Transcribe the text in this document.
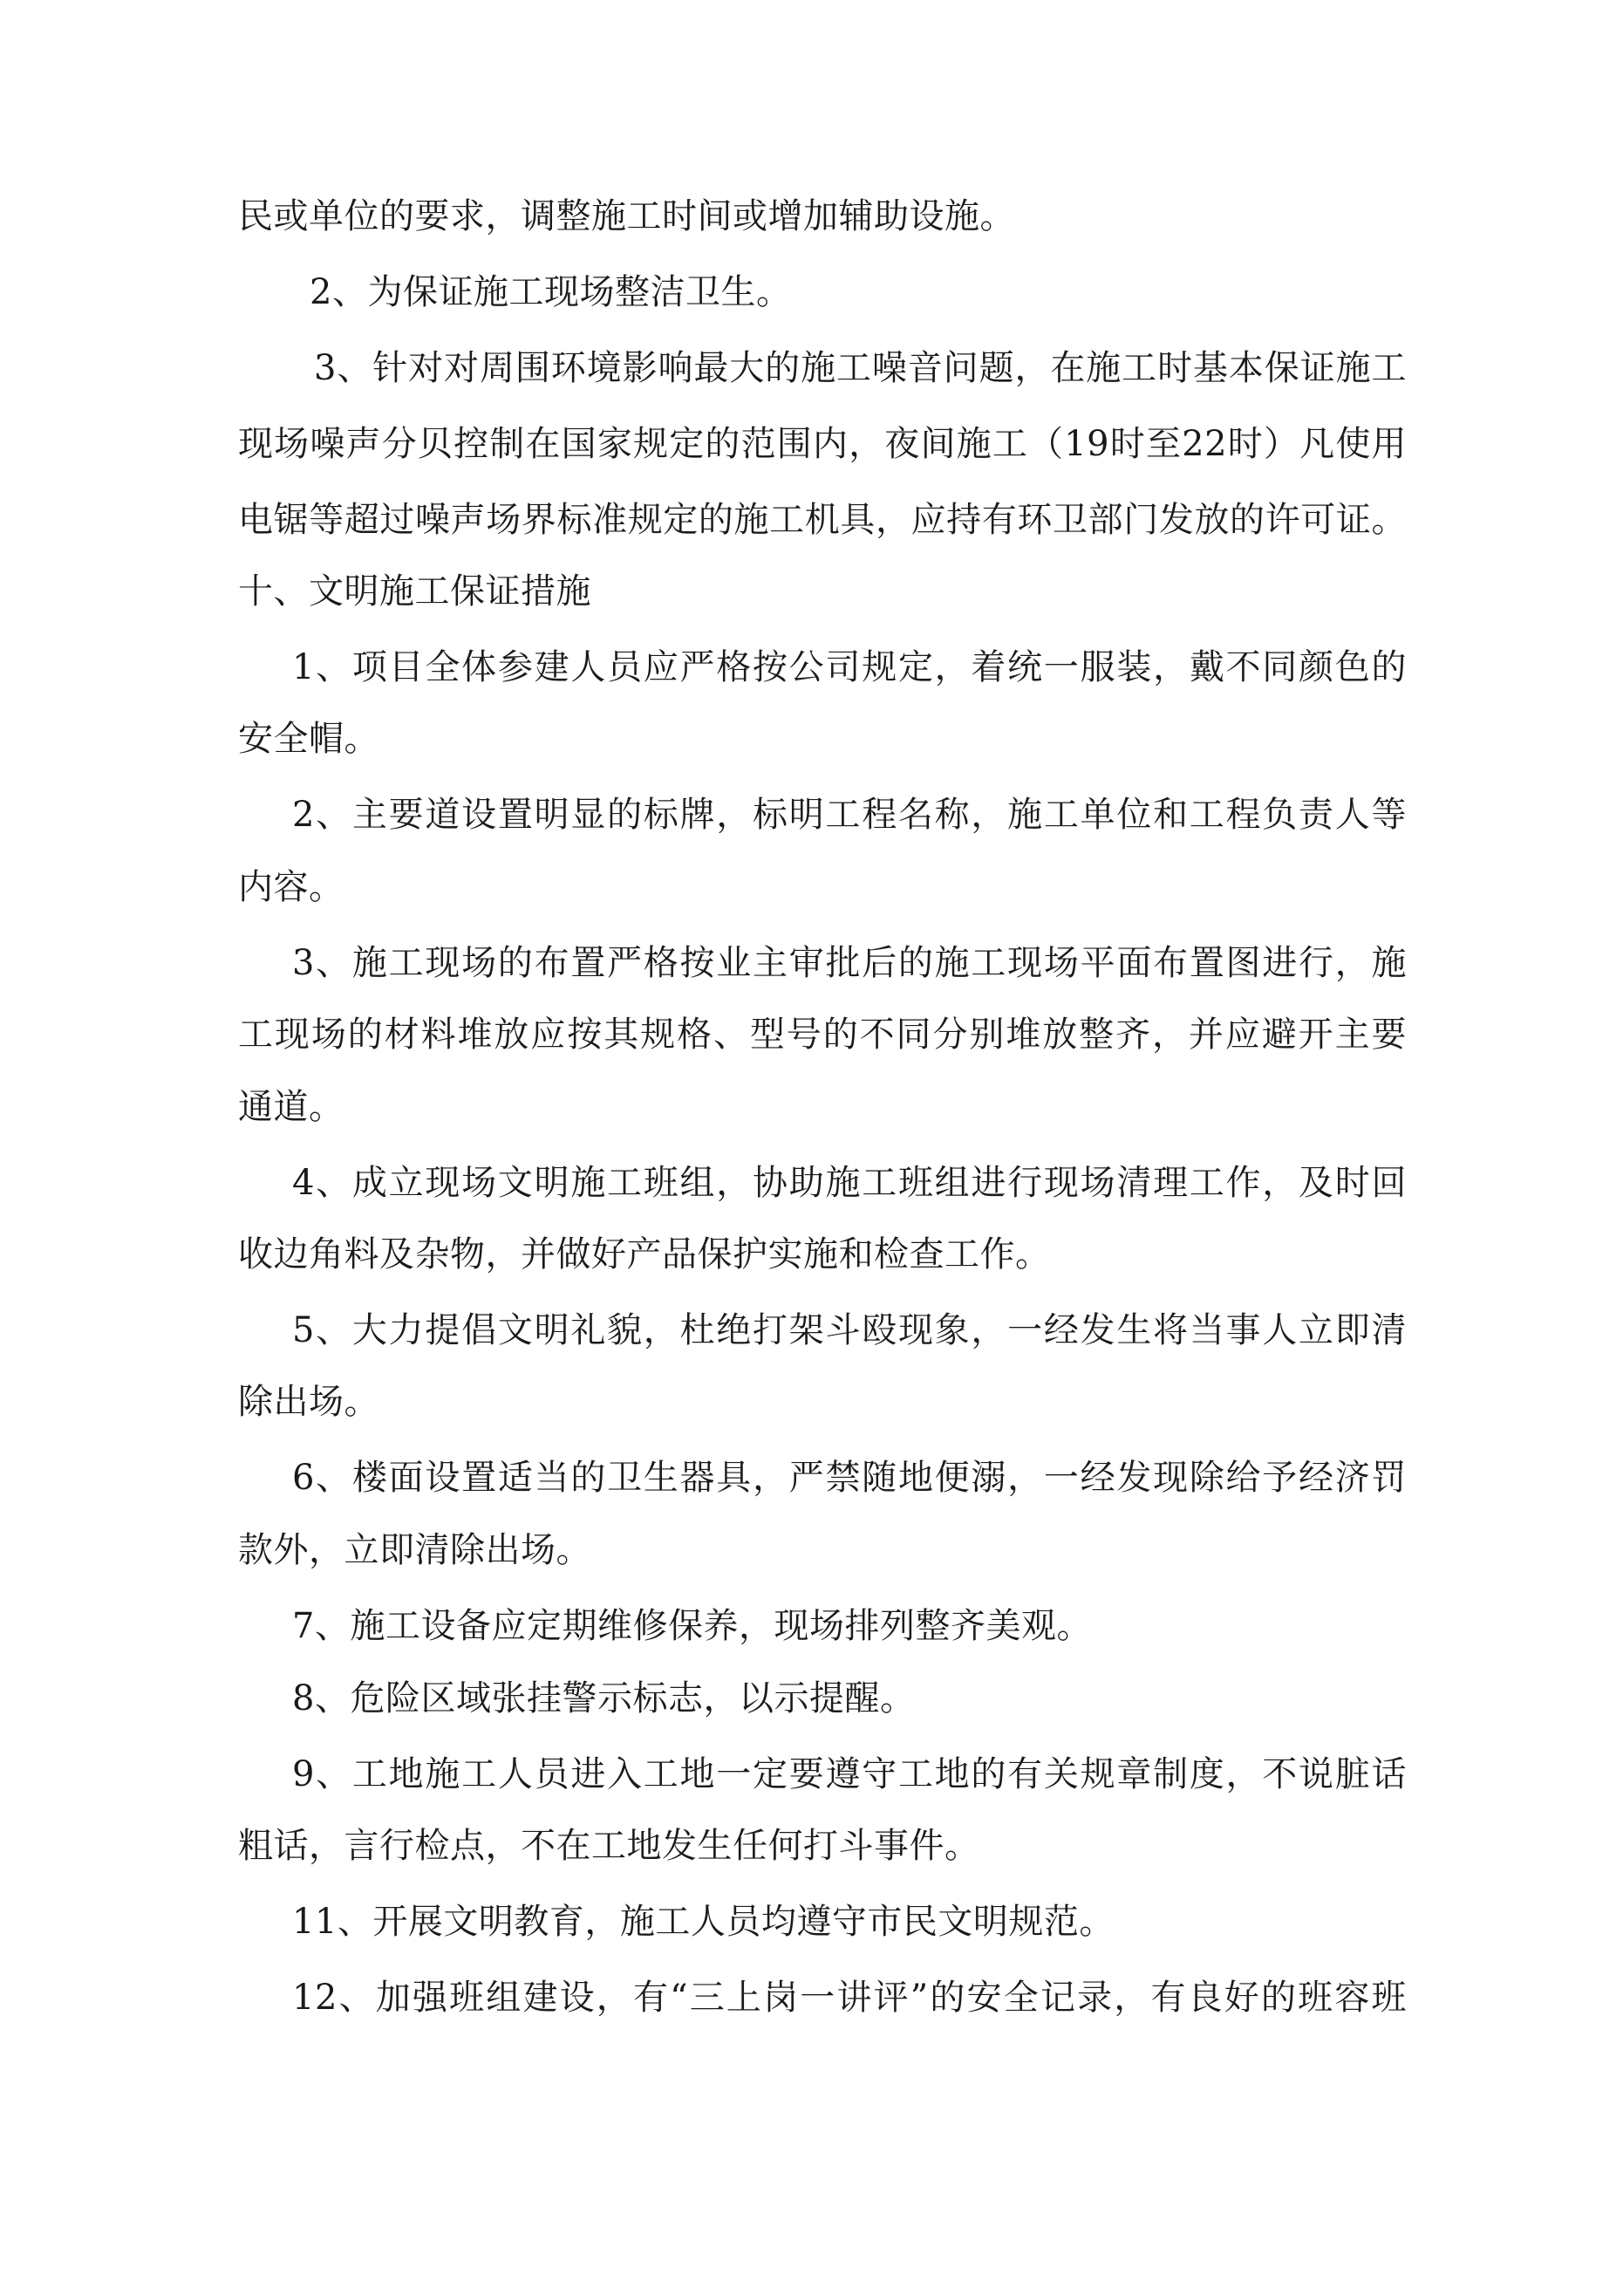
民或单位的要求，调整施工时间或增加辅助设施。
2、为保证施工现场整洁卫生。
3、针对对周围环境影响最大的施工噪音问题，在施工时基本保证施工
现场噪声分贝控制在国家规定的范围内，夜间施工（19时至22时）凡使用
电锯等超过噪声场界标准规定的施工机具，应持有环卫部门发放的许可证。
十、文明施工保证措施
1、项目全体参建人员应严格按公司规定，着统一服装，戴不同颜色的
安全帽。
2、主要道设置明显的标牌，标明工程名称，施工单位和工程负责人等
内容。
3、施工现场的布置严格按业主审批后的施工现场平面布置图进行，施
工现场的材料堆放应按其规格、型号的不同分别堆放整齐，并应避开主要
通道。
4、成立现场文明施工班组，协助施工班组进行现场清理工作，及时回
收边角料及杂物，并做好产品保护实施和检查工作。
5、大力提倡文明礼貌，杜绝打架斗殴现象，一经发生将当事人立即清
除出场。
6、楼面设置适当的卫生器具，严禁随地便溺，一经发现除给予经济罚
款外，立即清除出场。
7、施工设备应定期维修保养，现场排列整齐美观。
8、危险区域张挂警示标志，以示提醒。
9、工地施工人员进入工地一定要遵守工地的有关规章制度，不说脏话
粗话，言行检点，不在工地发生任何打斗事件。
11、开展文明教育，施工人员均遵守市民文明规范。
12、加强班组建设，有“三上岗一讲评”的安全记录，有良好的班容班
